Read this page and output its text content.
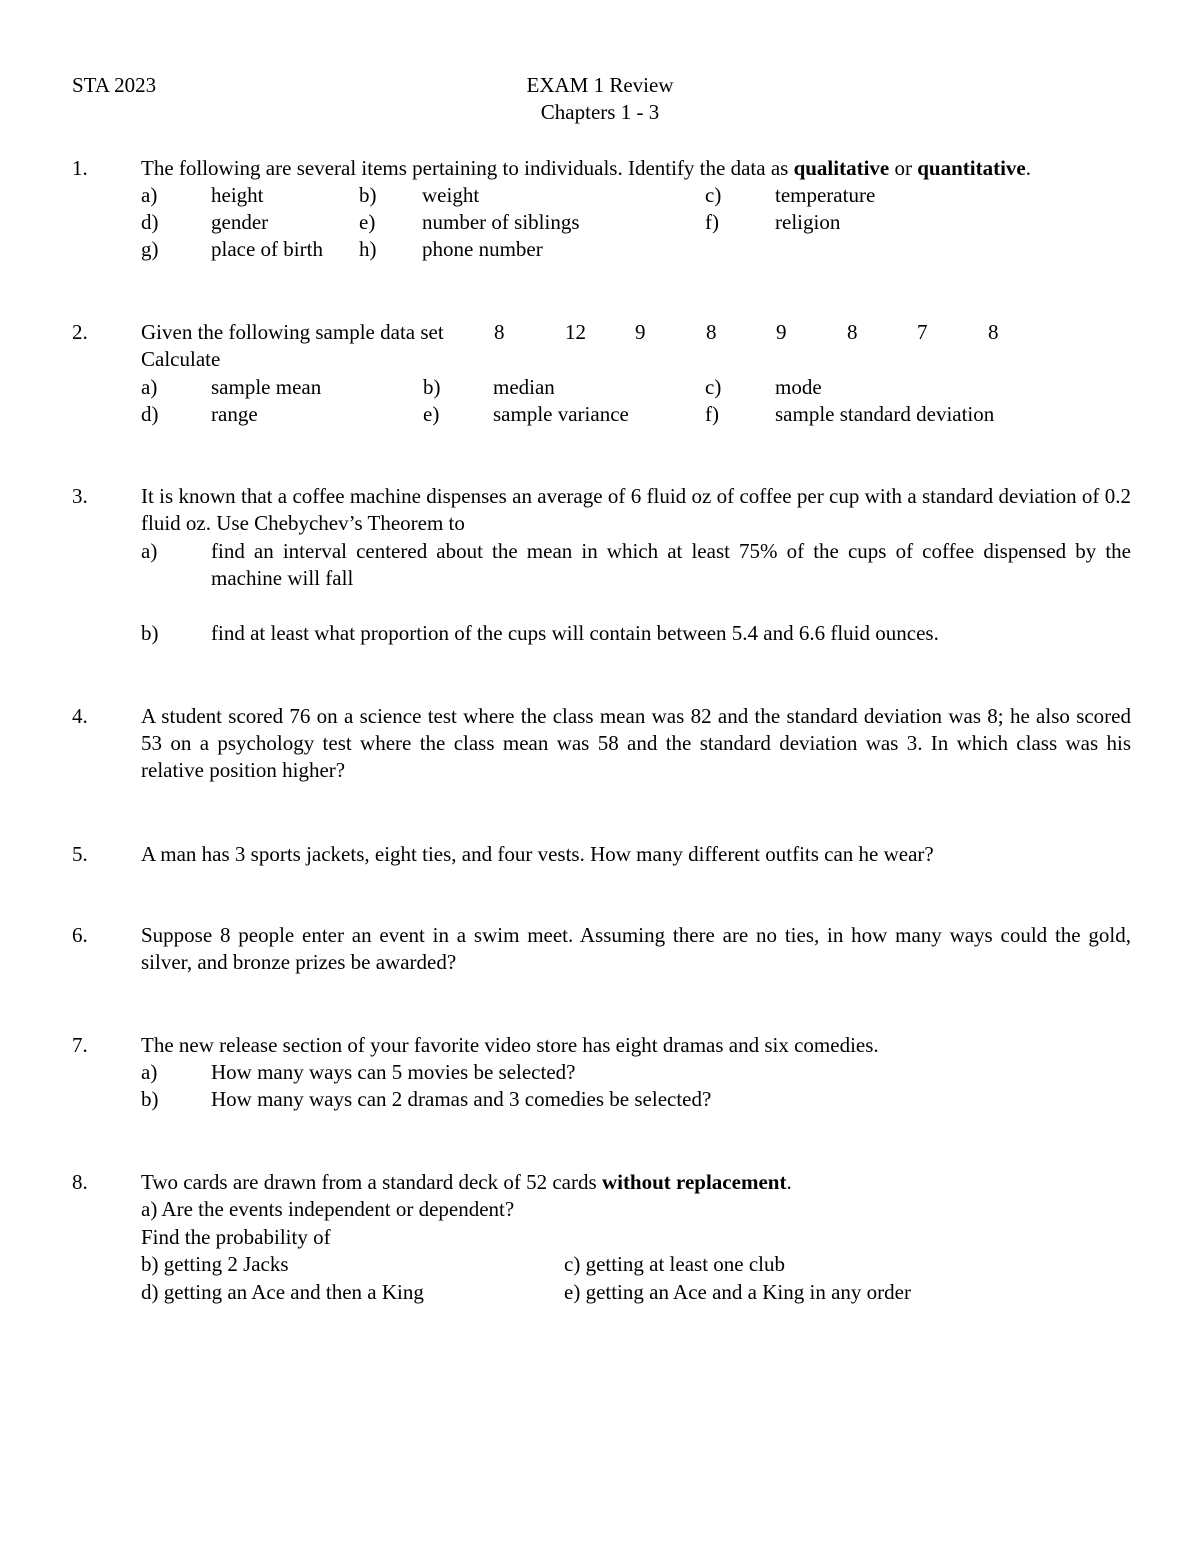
STA 2023	EXAM 1 Review
Chapters 1 - 3
1.	The following are several items pertaining to individuals. Identify the data as qualitative or quantitative.
a)	height	b) weight	c)	temperature
d)	gender	e) number of siblings	f)	religion
g)	place of birth h) phone number
2.	Given the following sample data set 8	12 9	8	9	8	7	8
Calculate
a)	sample mean	b)	median	c)	mode
d)	range	e)	sample variance	f)	sample standard deviation
3.	It is known that a coffee machine dispenses an average of 6 fluid oz of coffee per cup with a standard deviation of 0.2 fluid oz. Use Chebychev’s Theorem to
a)	find an interval centered about the mean in which at least 75% of the cups of coffee dispensed by the machine will fall
b)	find at least what proportion of the cups will contain between 5.4 and 6.6 fluid ounces.
4.	A student scored 76 on a science test where the class mean was 82 and the standard deviation was 8; he also scored 53 on a psychology test where the class mean was 58 and the standard deviation was 3. In which class was his relative position higher?
5.	A man has 3 sports jackets, eight ties, and four vests. How many different outfits can he wear?
6.	Suppose 8 people enter an event in a swim meet. Assuming there are no ties, in how many ways could the gold, silver, and bronze prizes be awarded?
7.	The new release section of your favorite video store has eight dramas and six comedies.
a)	How many ways can 5 movies be selected?
b)	How many ways can 2 dramas and 3 comedies be selected?
8.	Two cards are drawn from a standard deck of 52 cards without replacement.
a) Are the events independent or dependent?
Find the probability of
b) getting 2 Jacks	c) getting at least one club
d) getting an Ace and then a King	e) getting an Ace and a King in any order
